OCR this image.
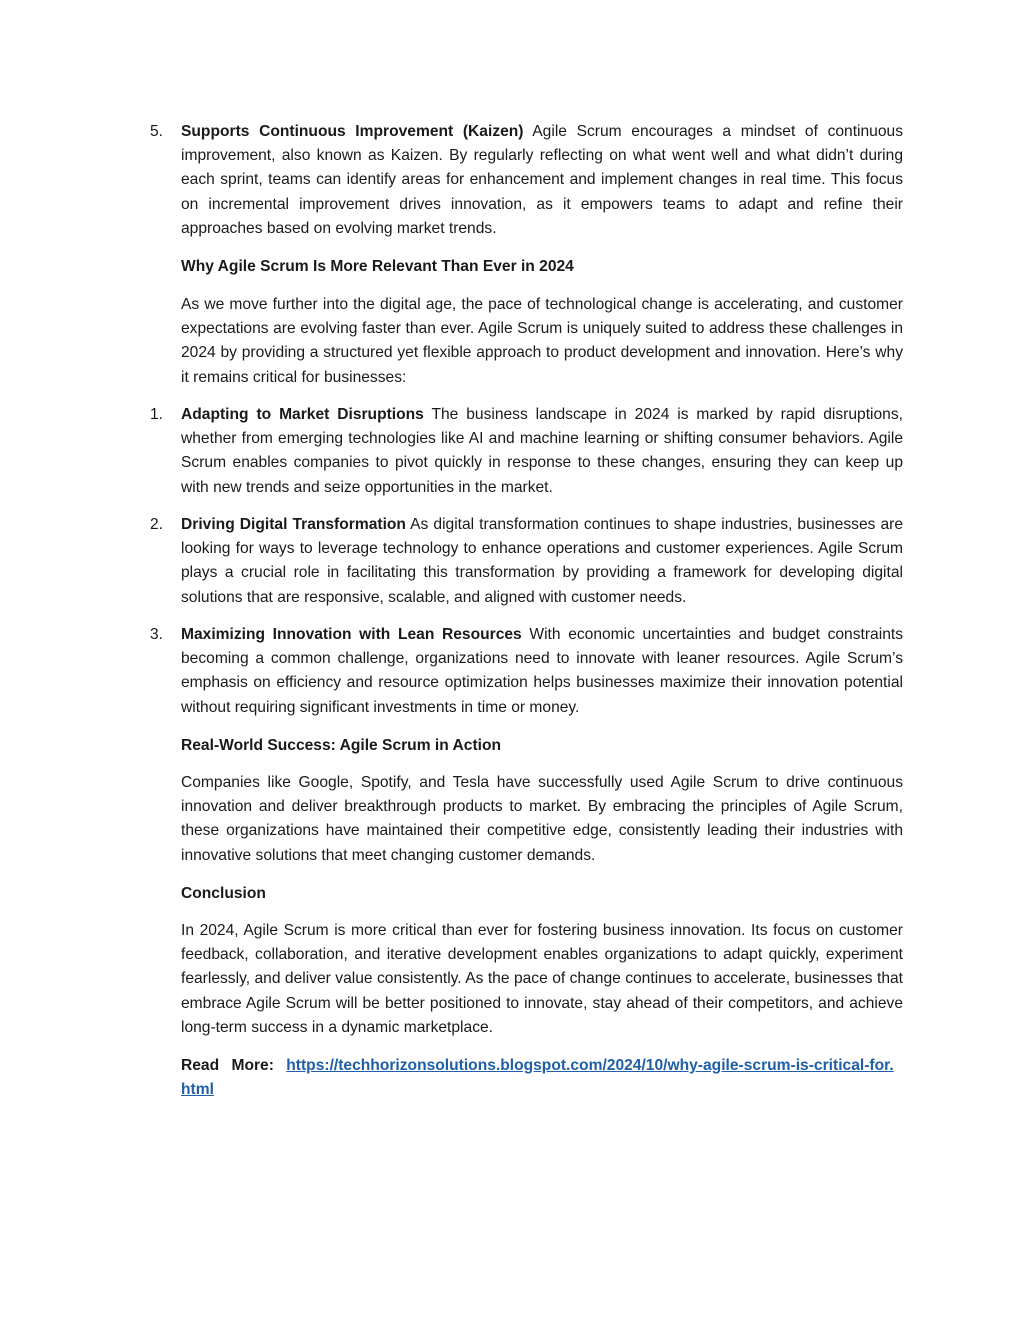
5.	Supports Continuous Improvement (Kaizen) Agile Scrum encourages a mindset of continuous improvement, also known as Kaizen. By regularly reflecting on what went well and what didn’t during each sprint, teams can identify areas for enhancement and implement changes in real time. This focus on incremental improvement drives innovation, as it empowers teams to adapt and refine their approaches based on evolving market trends.
Why Agile Scrum Is More Relevant Than Ever in 2024
As we move further into the digital age, the pace of technological change is accelerating, and customer expectations are evolving faster than ever. Agile Scrum is uniquely suited to address these challenges in 2024 by providing a structured yet flexible approach to product development and innovation. Here’s why it remains critical for businesses:
1.	Adapting to Market Disruptions The business landscape in 2024 is marked by rapid disruptions, whether from emerging technologies like AI and machine learning or shifting consumer behaviors. Agile Scrum enables companies to pivot quickly in response to these changes, ensuring they can keep up with new trends and seize opportunities in the market.
2.	Driving Digital Transformation As digital transformation continues to shape industries, businesses are looking for ways to leverage technology to enhance operations and customer experiences. Agile Scrum plays a crucial role in facilitating this transformation by providing a framework for developing digital solutions that are responsive, scalable, and aligned with customer needs.
3.	Maximizing Innovation with Lean Resources With economic uncertainties and budget constraints becoming a common challenge, organizations need to innovate with leaner resources. Agile Scrum’s emphasis on efficiency and resource optimization helps businesses maximize their innovation potential without requiring significant investments in time or money.
Real-World Success: Agile Scrum in Action
Companies like Google, Spotify, and Tesla have successfully used Agile Scrum to drive continuous innovation and deliver breakthrough products to market. By embracing the principles of Agile Scrum, these organizations have maintained their competitive edge, consistently leading their industries with innovative solutions that meet changing customer demands.
Conclusion
In 2024, Agile Scrum is more critical than ever for fostering business innovation. Its focus on customer feedback, collaboration, and iterative development enables organizations to adapt quickly, experiment fearlessly, and deliver value consistently. As the pace of change continues to accelerate, businesses that embrace Agile Scrum will be better positioned to innovate, stay ahead of their competitors, and achieve long-term success in a dynamic marketplace.
Read More: https://techhorizonsolutions.blogspot.com/2024/10/why-agile-scrum-is-critical-for.html
